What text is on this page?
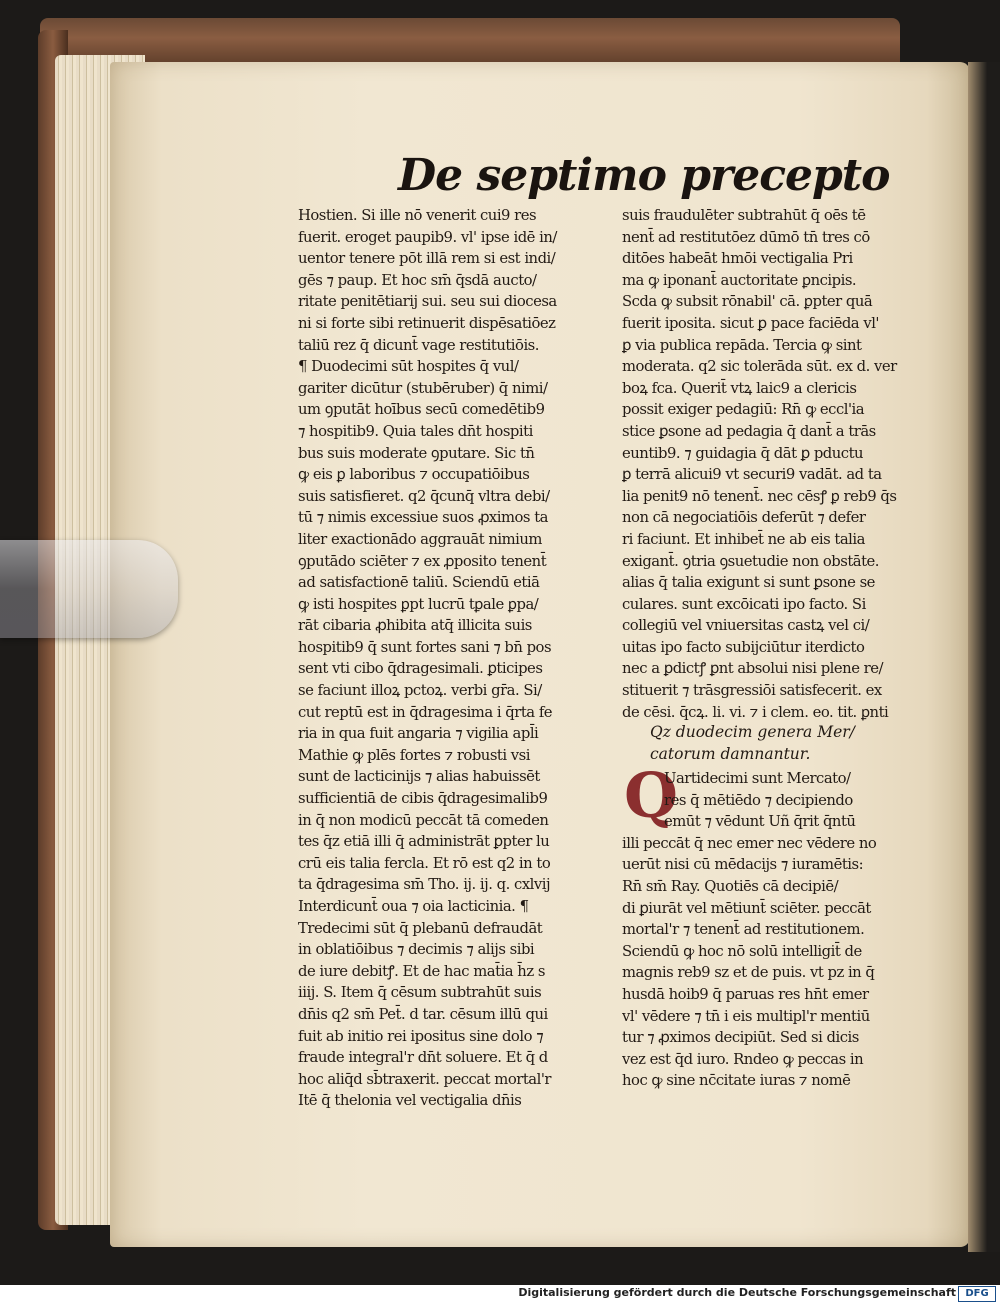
De septimo precepto
Hostien. Si ille nō venerit cui9 res
fuerit. eroget paupib9. vl' ipse idē in/
uentor tenere pōt illā rem si est indi/
gēs ⁊ paup. Et hoc sm̄ q̄sdā aucto/
ritate penitētiarij sui. seu sui diocesa
ni si forte sibi retinuerit dispēsatiōez
taliū rez q̄ dicunt̄ vage restitutiōis.
¶ Duodecimi sūt hospites q̄ vul/
gariter dicūtur (stubēruber) q̄ nimi/
um ꝯputāt hoībus secū comedētib9
⁊ hospitib9. Quia tales dn̄t hospiti
bus suis moderate ꝯputare. Sic tn̄
ꝙ eis ꝑ laboribus ⁊ occupatiōibus
suis satisfieret. q2 q̄cunq̄ vltra debi/
tū ⁊ nimis excessiue suos ꝓximos ta
liter exactionādo aggrauāt nimium
ꝯputādo sciēter ⁊ ex ꝓposito tenent̄
ad satisfactionē taliū. Sciendū etiā
ꝙ isti hospites ꝑpt lucrū tꝑale ꝑpa/
rāt cibaria ꝓhibita atq̄ illicita suis
hospitib9 q̄ sunt fortes sani ⁊ bn̄ pos
sent vti cibo q̄dragesimali. ꝑticipes
se faciunt illoꝝ pctoꝝ. verbi gr̄a. Si/
cut reptū est in q̄dragesima i q̄rta fe
ria in qua fuit angaria ⁊ vigilia apl̄i
Mathie ꝙ plēs fortes ⁊ robusti vsi
sunt de lacticinijs ⁊ alias habuissēt
sufficientiā de cibis q̄dragesimalib9
in q̄ non modicū peccāt tā comeden
tes q̄z etiā illi q̄ administrāt ꝑpter lu
crū eis talia fercla. Et rō est q2 in to
ta q̄dragesima sm̄ Tho. ij. ij. q. cxlvij
Interdicunt̄ oua ⁊ oia lacticinia. ¶
Tredecimi sūt q̄ plebanū defraudāt
in oblatiōibus ⁊ decimis ⁊ alijs sibi
de iure debitꝭ. Et de hac mat̄ia h̄z s
iiij. S. Item q̄ cēsum subtrahūt suis
dn̄is q2 sm̄ Pet̄. d tar. cēsum illū qui
fuit ab initio rei ipositus sine dolo ⁊
fraude integral'r dn̄t soluere. Et q̄ d
hoc aliq̄d sb̄traxerit. peccat mortal'r
Itē q̄ thelonia vel vectigalia dn̄is
suis fraudulēter subtrahūt q̄ oēs tē
nent̄ ad restitutōez dūmō tn̄ tres cō
ditōes habeāt hmōi vectigalia Pri
ma ꝙ iponant̄ auctoritate ꝑncipis.
Scda ꝙ subsit rōnabil' cā. ꝑpter quā
fuerit iposita. sicut ꝑ pace faciēda vl'
ꝑ via publica repāda. Tercia ꝙ sint
moderata. q2 sic tolerāda sūt. ex d. ver
boꝝ fca. Querit̄ vtꝝ laic9 a clericis
possit exiger pedagiū: Rn̄ ꝙ eccl'ia
stice ꝑsone ad pedagia q̄ dant̄ a trās
euntib9. ⁊ guidagia q̄ dāt ꝑ pductu
ꝑ terrā alicui9 vt securi9 vadāt. ad ta
lia penit9 nō tenent̄. nec cēsꝭ ꝑ reb9 q̄s
non cā negociatiōis deferūt ⁊ defer
ri faciunt. Et inhibet̄ ne ab eis talia
exigant̄. ꝯtria ꝯsuetudie non obstāte.
alias q̄ talia exigunt si sunt ꝑsone se
culares. sunt excōicati ipo facto. Si
collegiū vel vniuersitas castꝝ vel ci/
uitas ipo facto subijciūtur iterdicto
nec a ꝑdictꝭ ꝑnt absolui nisi plene re/
stituerit ⁊ trāsgressiōi satisfecerit. ex
de cēsi. q̄cꝝ. li. vi. ⁊ i clem. eo. tit. ꝑnti
Qz duodecim genera Mer/
catorum damnantur.
Q
Uartidecimi sunt Mercato/
res q̄ mētiēdo ⁊ decipiendo
emūt ⁊ vēdunt Uñ q̄rit q̄ntū
illi peccāt q̄ nec emer nec vēdere no
uerūt nisi cū mēdacijs ⁊ iuramētis:
Rn̄ sm̄ Ray. Quotiēs cā decipiē/
di ꝑiurāt vel mētiunt̄ sciēter. peccāt
mortal'r ⁊ tenent̄ ad restitutionem.
Sciendū ꝙ hoc nō solū intelligit̄ de
magnis reb9 sz et de puis. vt pz in q̄
husdā hoib9 q̄ paruas res hn̄t emer
vl' vēdere ⁊ tn̄ i eis multipl'r mentiū
tur ⁊ ꝓximos decipiūt. Sed si dicis
vez est q̄d iuro. Rndeo ꝙ peccas in
hoc ꝙ sine nc̄citate iuras ⁊ nomē
Digitalisierung gefördert durch die Deutsche Forschungsgemeinschaft DFG
